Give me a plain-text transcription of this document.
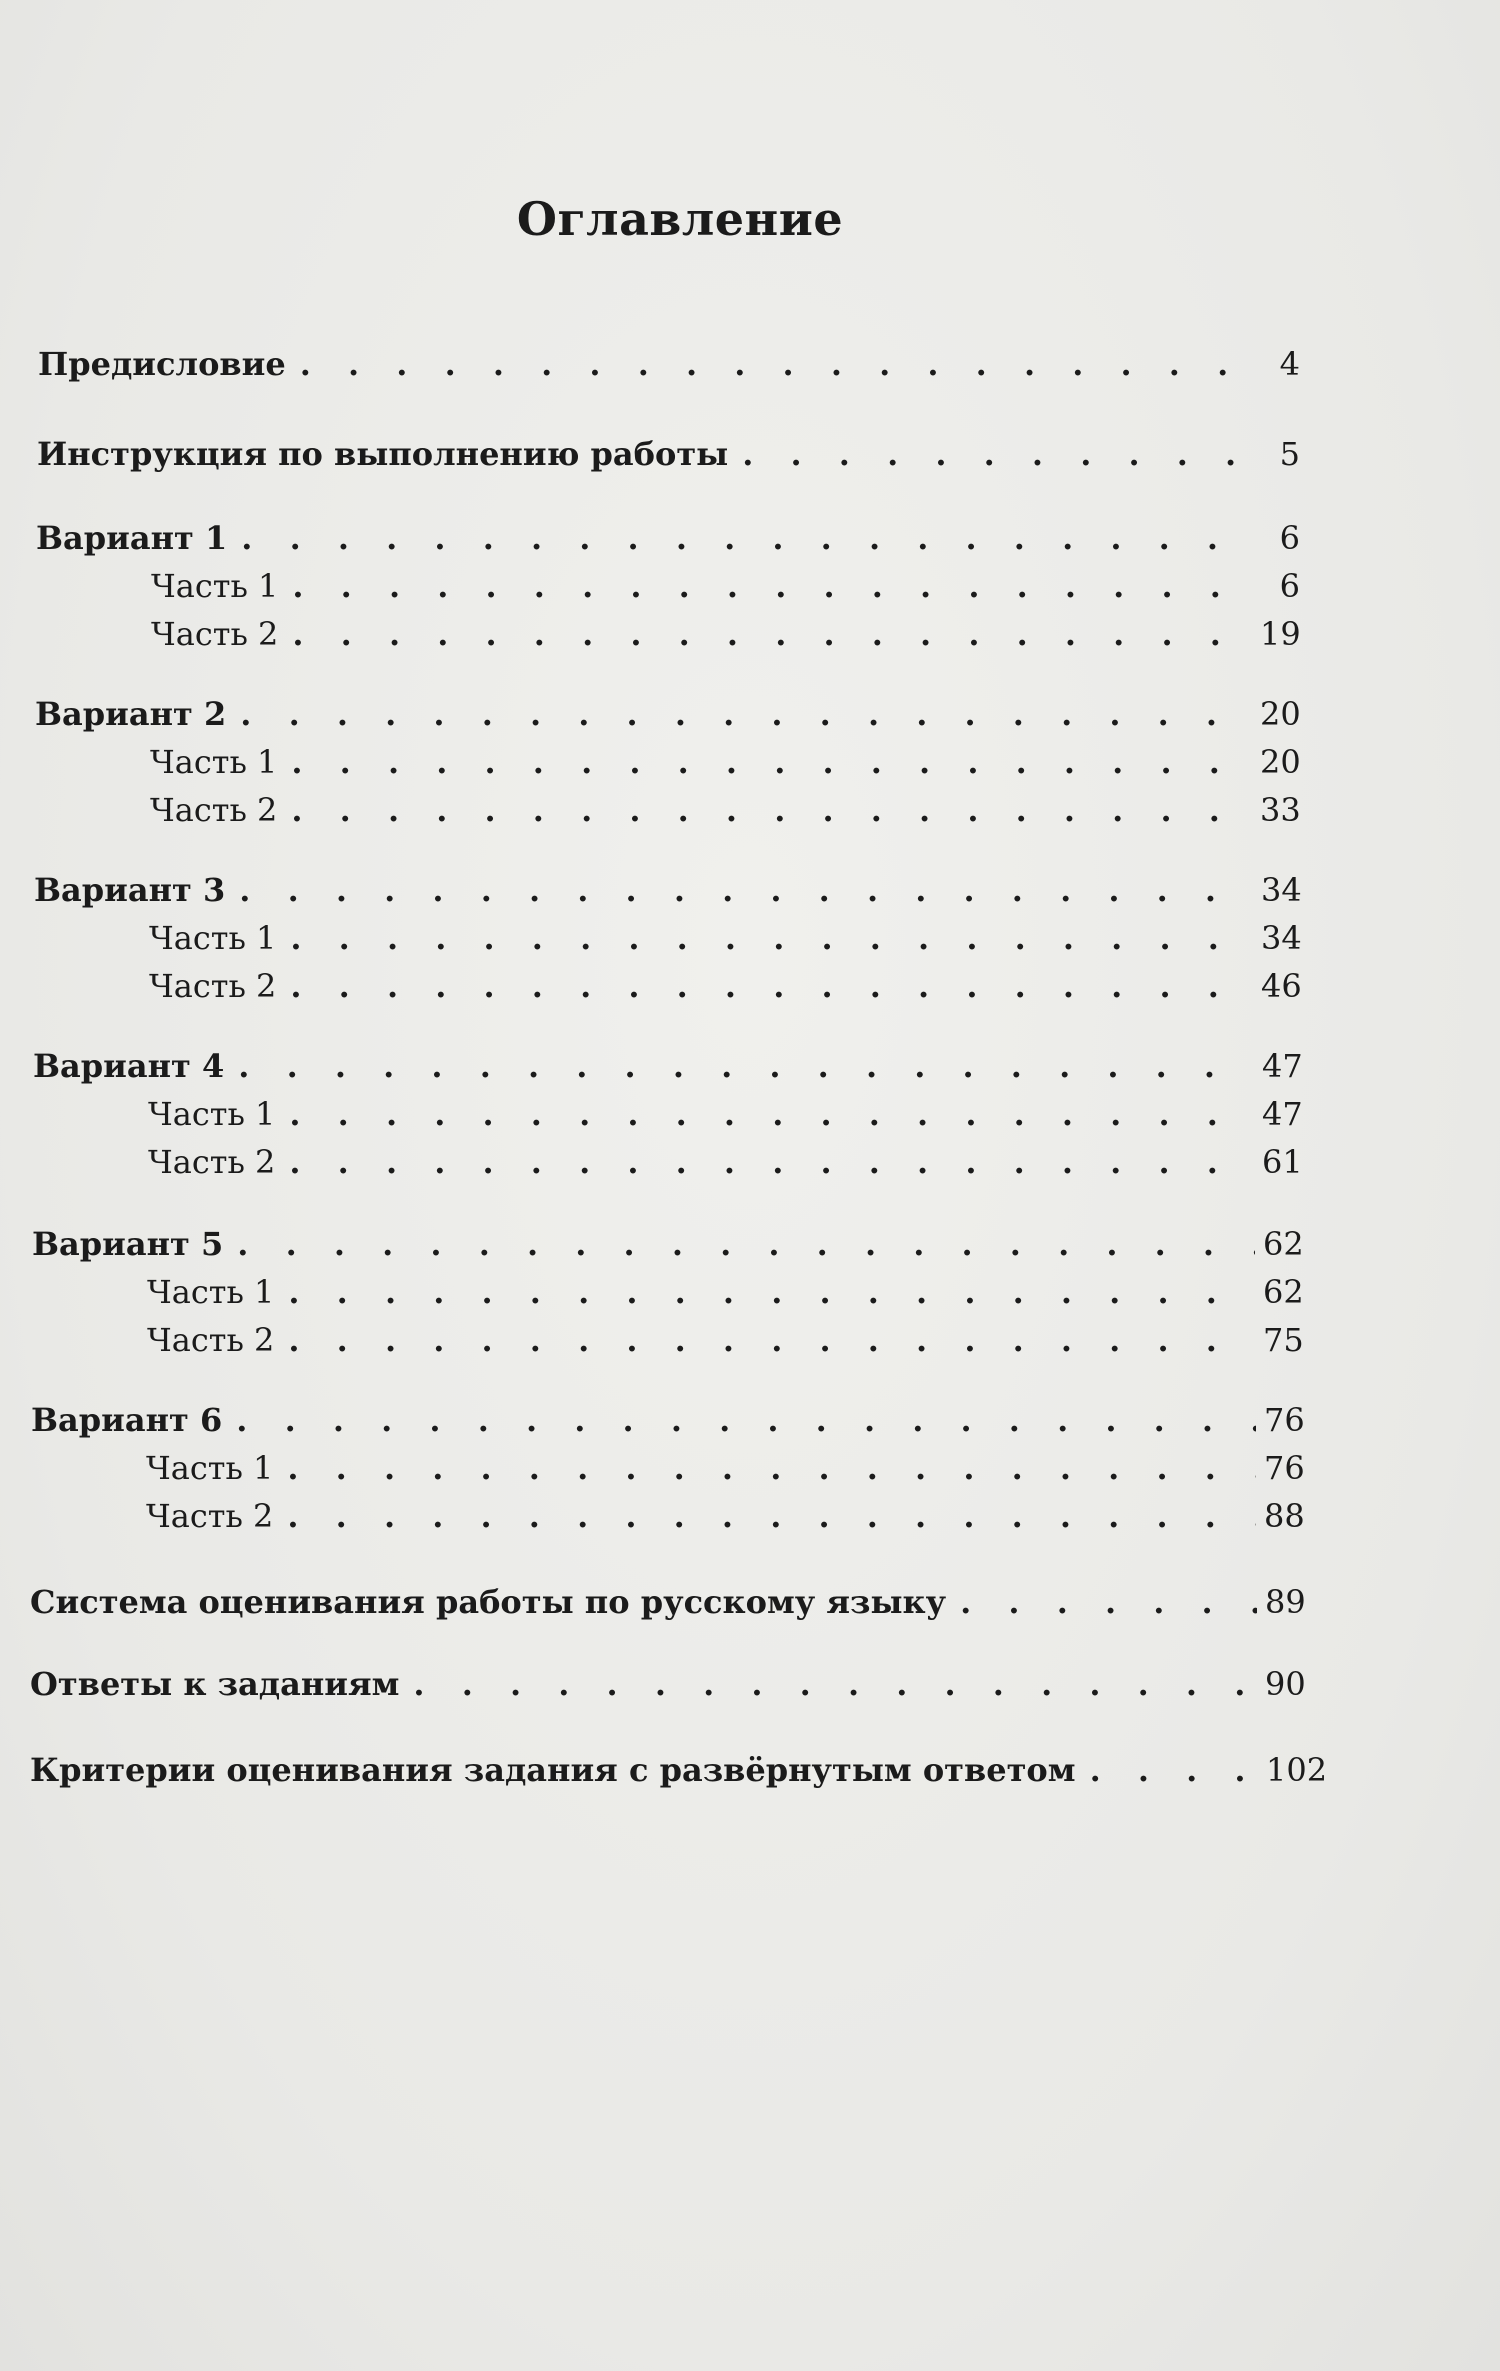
Оглавление
Предисловие . . .	4
Инструкция по выполнению работы . . .	5
Вариант 1 . . .	6
Часть 1 . . .	6
Часть 2 . . .	19
Вариант 2 . . .	20
Часть 1 . . .	20
Часть 2 . . .	33
Вариант 3 . . .	34
Часть 1 . . .	34
Часть 2 . . .	46
Вариант 4 . . .	47
Часть 1 . . .	47
Часть 2 . . .	61
Вариант 5 . . .	62
Часть 1 . . .	62
Часть 2 . . .	75
Вариант 6 . . .	76
Часть 1 . . .	76
Часть 2 . . .	88
Система оценивания работы по русскому языку . . .	89
Ответы к заданиям . . .	90
Критерии оценивания задания с развёрнутым ответом . . .	102
